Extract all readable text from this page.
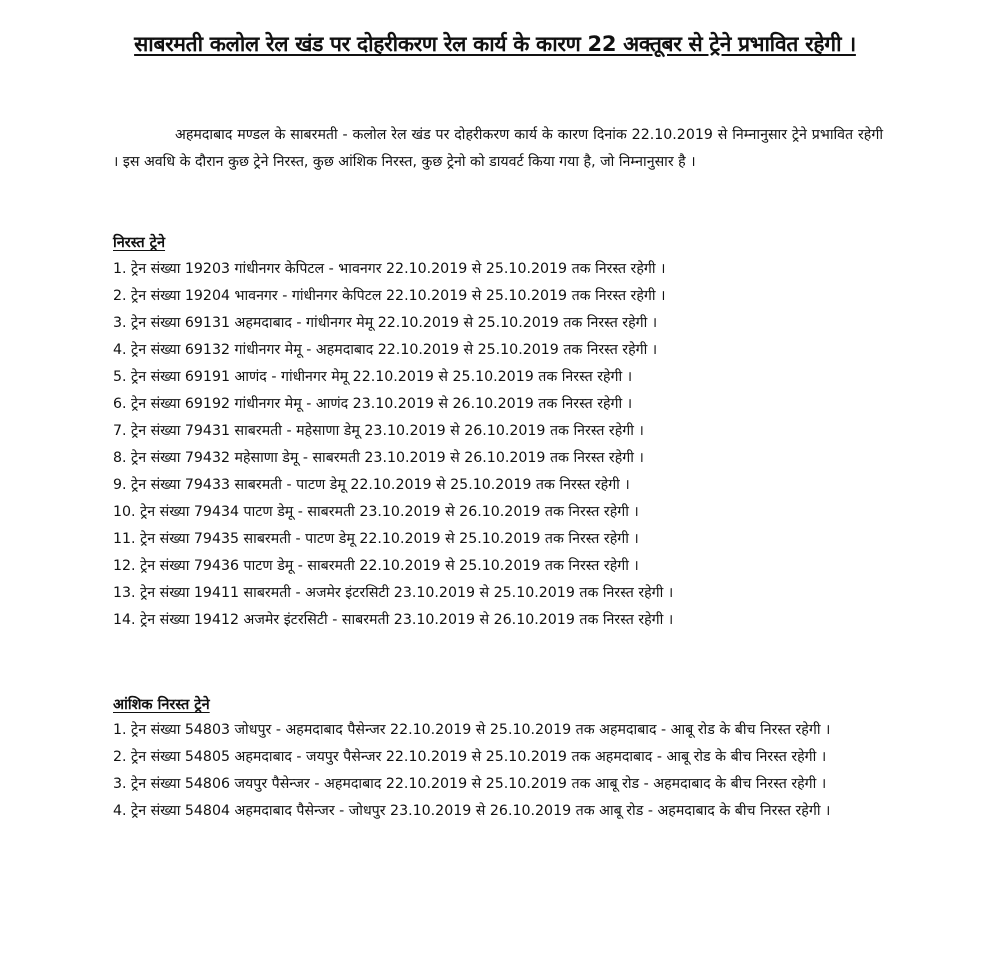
साबरमती कलोल रेल खंड पर दोहरीकरण रेल कार्य के कारण 22 अक्तूबर से ट्रेने प्रभावित रहेगी ।

अहमदाबाद मण्डल के साबरमती - कलोल रेल खंड पर दोहरीकरण कार्य के कारण दिनांक 22.10.2019 से निम्नानुसार ट्रेने प्रभावित रहेगी । इस अवधि के दौरान कुछ ट्रेने निरस्त, कुछ आंशिक निरस्त, कुछ ट्रेनो को डायवर्ट किया गया है, जो निम्नानुसार है ।

निरस्त ट्रेने
1. ट्रेन संख्या 19203 गांधीनगर केपिटल - भावनगर 22.10.2019 से 25.10.2019 तक निरस्त रहेगी ।
2. ट्रेन संख्या 19204 भावनगर - गांधीनगर केपिटल 22.10.2019 से 25.10.2019 तक निरस्त रहेगी ।
3. ट्रेन संख्या 69131 अहमदाबाद - गांधीनगर मेमू 22.10.2019 से 25.10.2019 तक निरस्त रहेगी ।
4. ट्रेन संख्या 69132 गांधीनगर मेमू - अहमदाबाद 22.10.2019 से 25.10.2019 तक निरस्त रहेगी ।
5. ट्रेन संख्या 69191 आणंद - गांधीनगर मेमू 22.10.2019 से 25.10.2019 तक निरस्त रहेगी ।
6. ट्रेन संख्या 69192 गांधीनगर मेमू - आणंद 23.10.2019 से 26.10.2019 तक निरस्त रहेगी ।
7. ट्रेन संख्या 79431 साबरमती - महेसाणा डेमू 23.10.2019 से 26.10.2019 तक निरस्त रहेगी ।
8. ट्रेन संख्या 79432 महेसाणा डेमू - साबरमती 23.10.2019 से 26.10.2019 तक निरस्त रहेगी ।
9. ट्रेन संख्या 79433 साबरमती - पाटण डेमू 22.10.2019 से 25.10.2019 तक निरस्त रहेगी ।
10. ट्रेन संख्या 79434 पाटण डेमू - साबरमती 23.10.2019 से 26.10.2019 तक निरस्त रहेगी ।
11. ट्रेन संख्या 79435 साबरमती - पाटण डेमू 22.10.2019 से 25.10.2019 तक निरस्त रहेगी ।
12. ट्रेन संख्या 79436 पाटण डेमू - साबरमती 22.10.2019 से 25.10.2019 तक निरस्त रहेगी ।
13. ट्रेन संख्या 19411 साबरमती - अजमेर इंटरसिटी 23.10.2019 से 25.10.2019 तक निरस्त रहेगी ।
14. ट्रेन संख्या 19412 अजमेर इंटरसिटी - साबरमती 23.10.2019 से 26.10.2019 तक निरस्त रहेगी ।
आंशिक निरस्त ट्रेने
1. ट्रेन संख्या 54803 जोधपुर - अहमदाबाद पैसेन्जर 22.10.2019 से 25.10.2019 तक अहमदाबाद - आबू रोड के बीच निरस्त रहेगी ।
2. ट्रेन संख्या 54805 अहमदाबाद - जयपुर पैसेन्जर 22.10.2019 से 25.10.2019 तक अहमदाबाद - आबू रोड के बीच निरस्त रहेगी ।
3. ट्रेन संख्या 54806 जयपुर पैसेन्जर - अहमदाबाद 22.10.2019 से 25.10.2019 तक आबू रोड - अहमदाबाद के बीच निरस्त रहेगी ।
4. ट्रेन संख्या 54804 अहमदाबाद पैसेन्जर - जोधपुर 23.10.2019 से 26.10.2019 तक आबू रोड - अहमदाबाद के बीच निरस्त रहेगी ।
